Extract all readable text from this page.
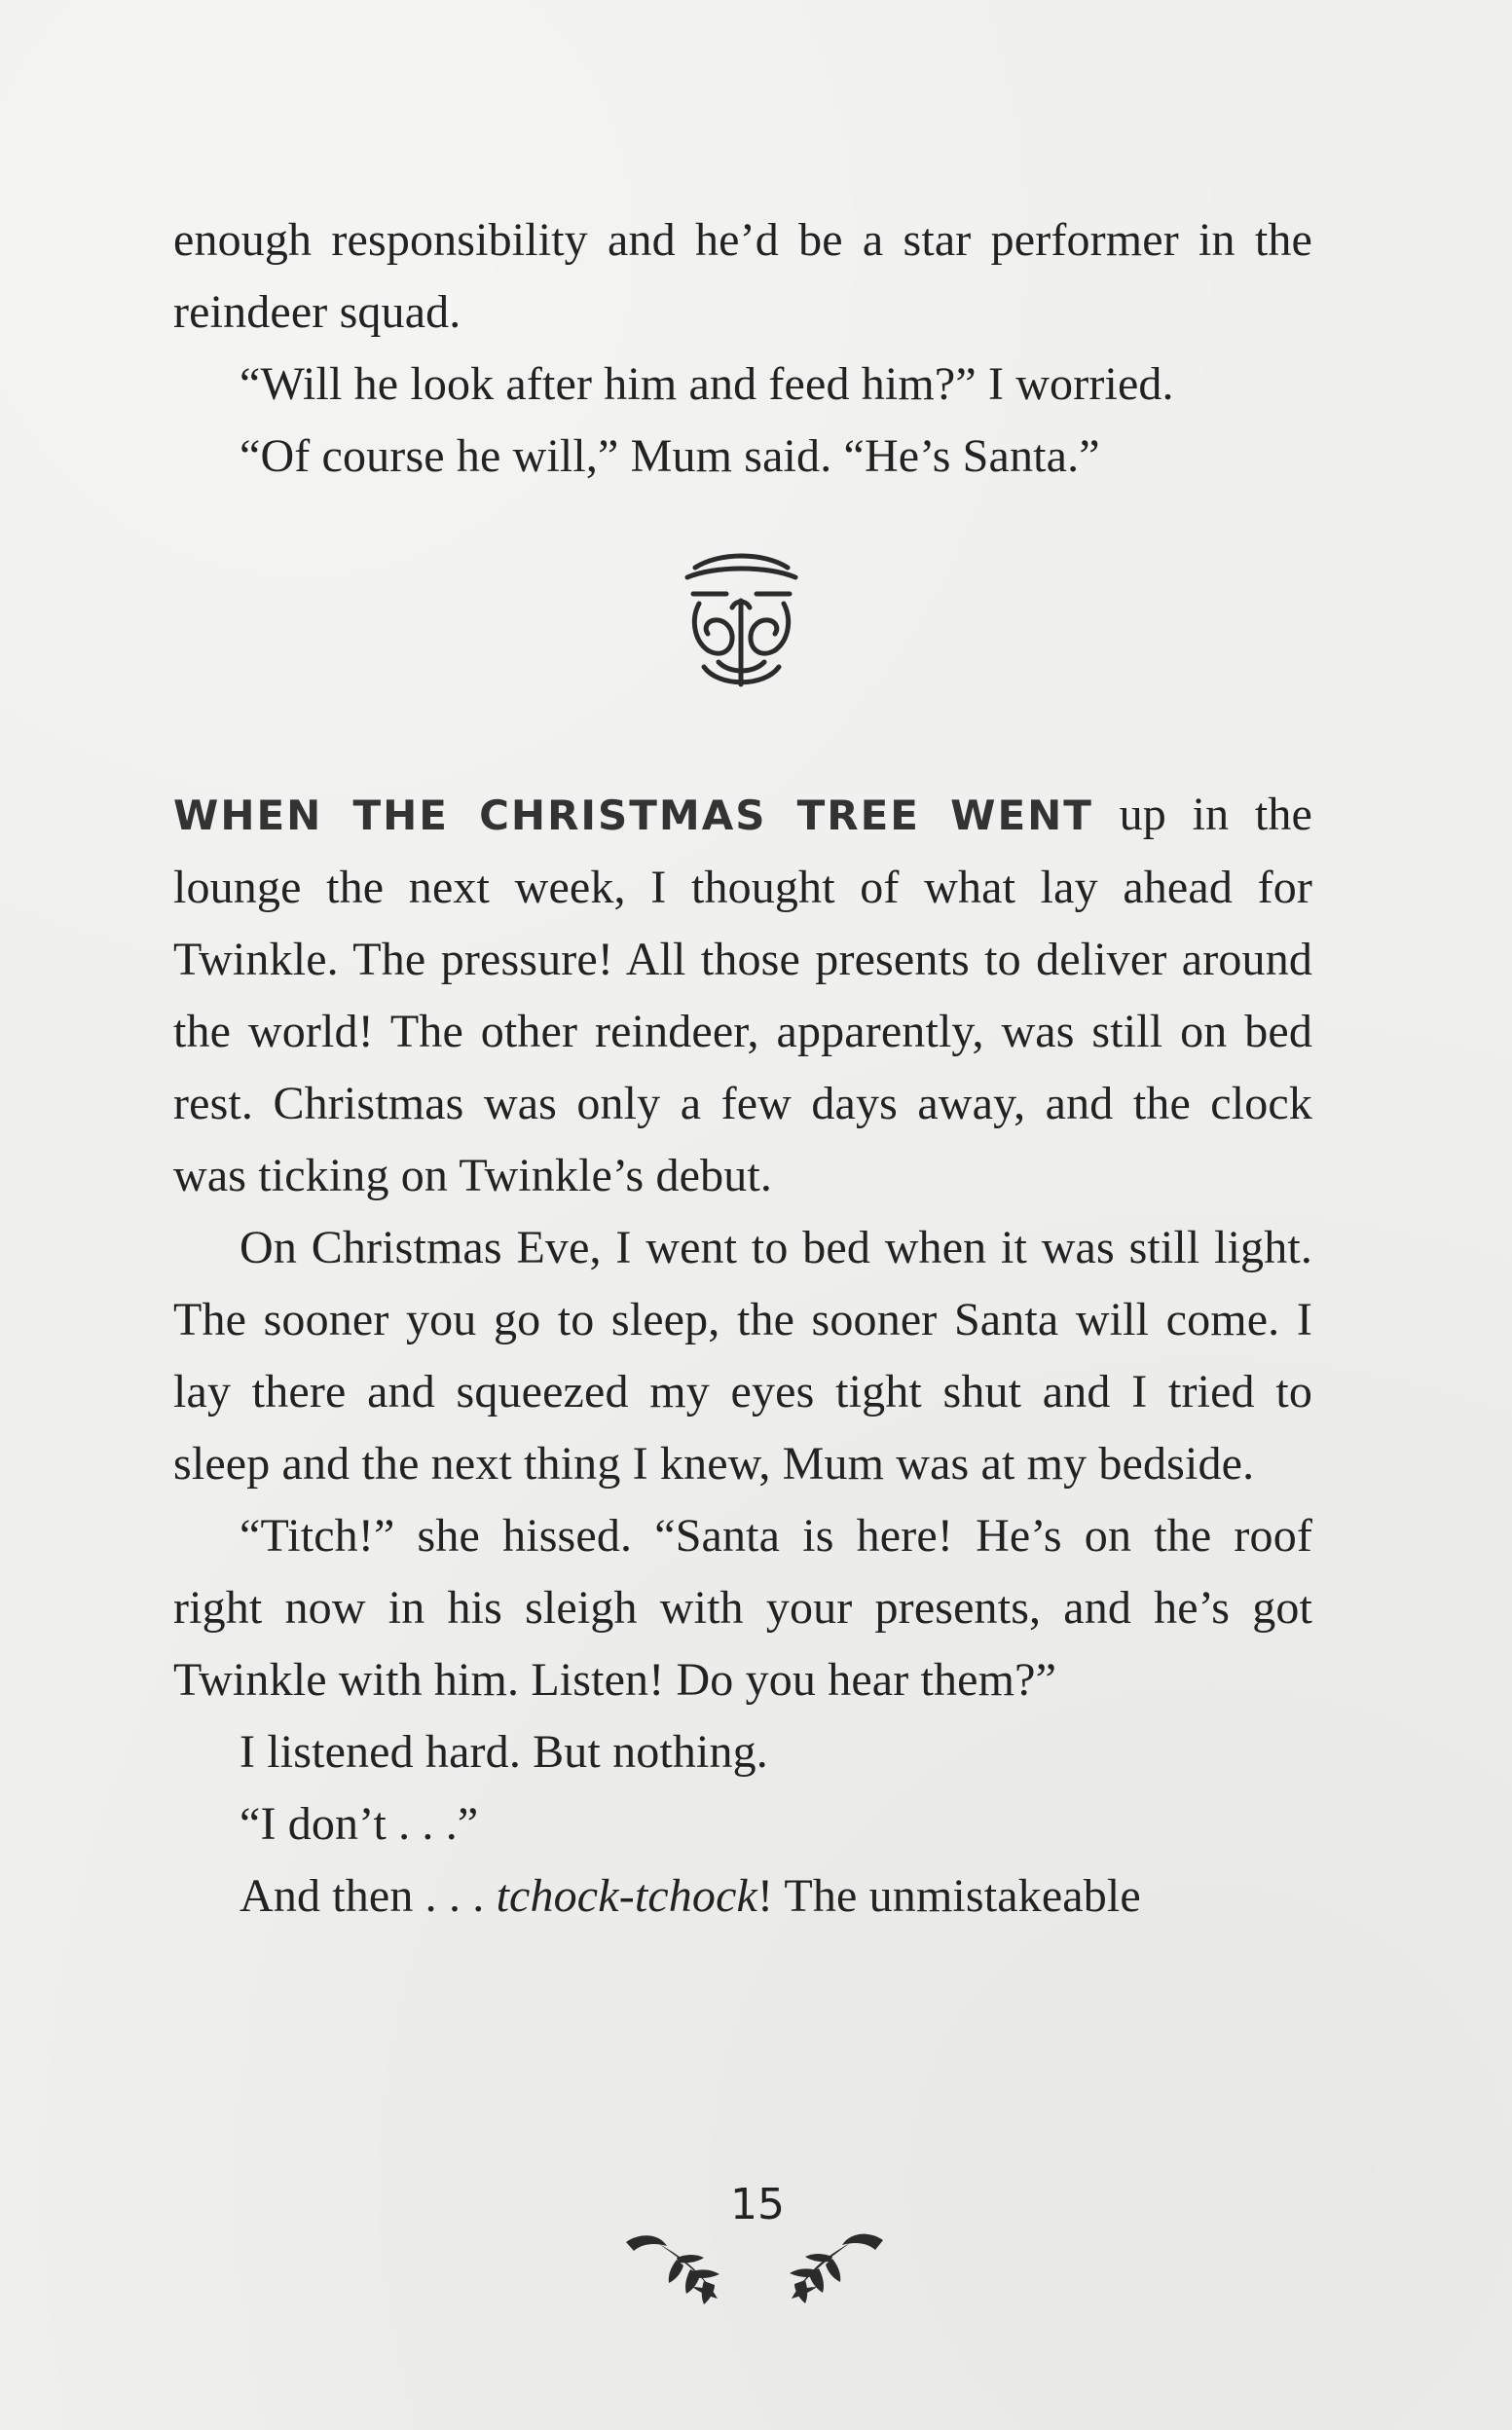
enough responsibility and he’d be a star performer in the reindeer squad.

“Will he look after him and feed him?” I worried.

“Of course he will,” Mum said. “He’s Santa.”

WHEN THE CHRISTMAS TREE WENT up in the lounge the next week, I thought of what lay ahead for Twinkle. The pressure! All those presents to deliver around the world! The other reindeer, apparently, was still on bed rest. Christmas was only a few days away, and the clock was ticking on Twinkle’s debut.

On Christmas Eve, I went to bed when it was still light. The sooner you go to sleep, the sooner Santa will come. I lay there and squeezed my eyes tight shut and I tried to sleep and the next thing I knew, Mum was at my bedside.

“Titch!” she hissed. “Santa is here! He’s on the roof right now in his sleigh with your presents, and he’s got Twinkle with him. Listen! Do you hear them?”

I listened hard. But nothing.

“I don’t . . .”

And then . . . tchock-tchock! The unmistakeable

15
